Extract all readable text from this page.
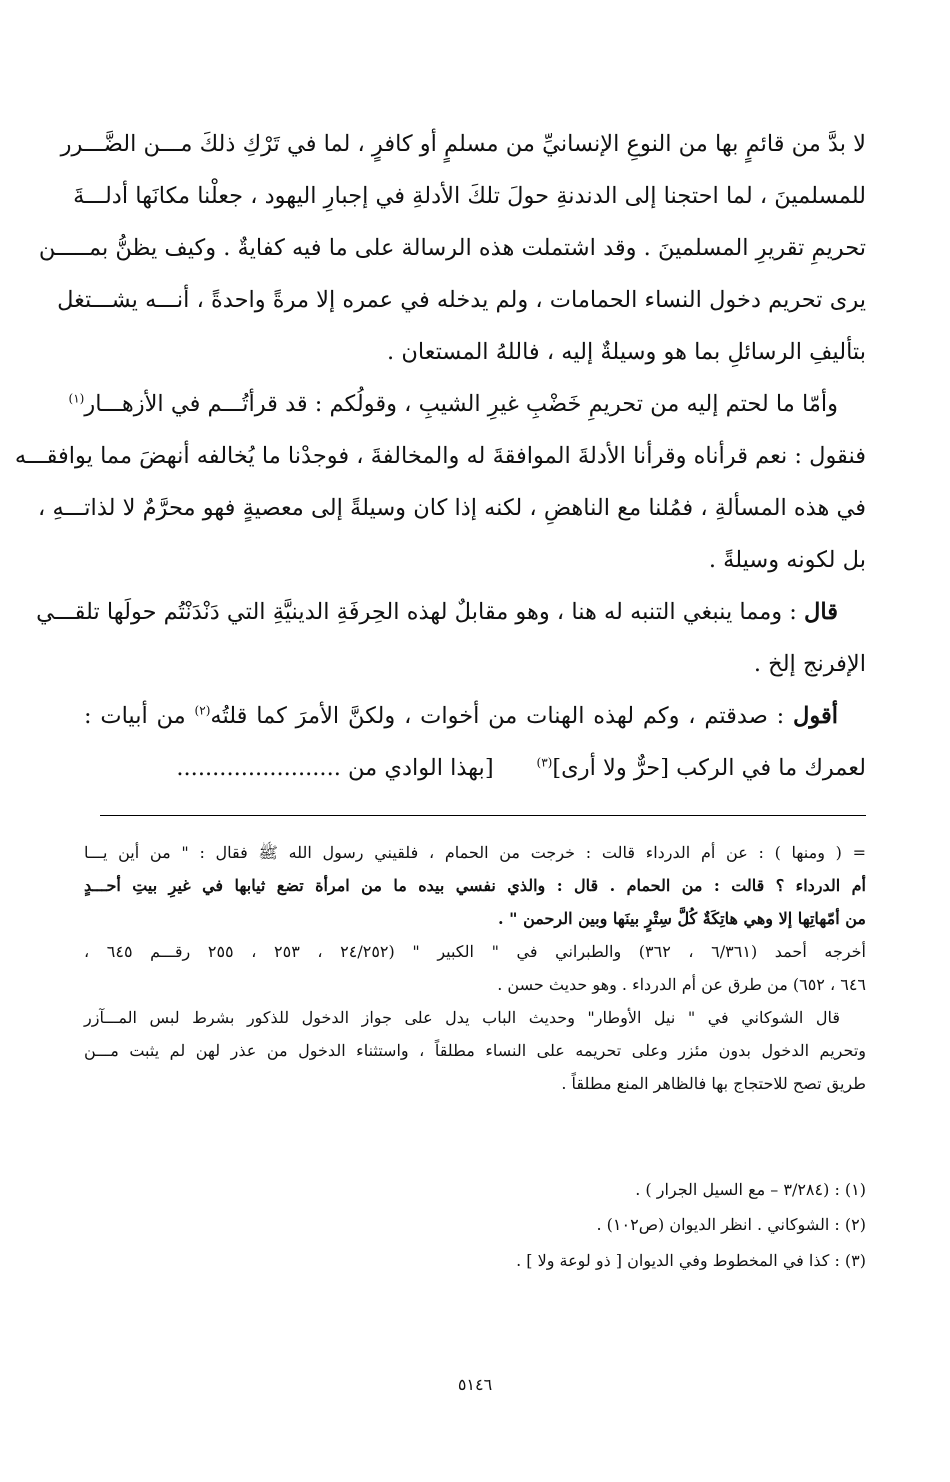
لا بدَّ من قائمٍ بها من النوعِ الإنسانيِّ من مسلمٍ أو كافرٍ ، لما في تَرْكِ ذلكَ مـــن الضَّـــرر
للمسلمينَ ، لما احتجنا إلى الدندنةِ حولَ تلكَ الأدلةِ في إجبارِ اليهود ، جعلْنا مكانَها أدلـــةَ
تحريمِ تقريرِ المسلمينَ . وقد اشتملت هذه الرسالة على ما فيه كفايةٌ . وكيف يظنُّ بمـــــن
يرى تحريم دخول النساء الحمامات ، ولم يدخله في عمره إلا مرةً واحدةً ، أنـــه يشـــتغل
بتأليفِ الرسائلِ بما هو وسيلةٌ إليه ، فاللهُ المستعان .
وأمّا ما لحتم إليه من تحريمِ خَضْبِ غيرِ الشيبِ ، وقولُكم : قد قرأتُـــم في الأزهـــار$^{(١)}$
فنقول : نعم قرأناه وقرأنا الأدلةَ الموافقةَ له والمخالفةَ ، فوجدْنا ما يُخالفه أنهضَ مما يوافقـــه
في هذه المسألةِ ، فمُلنا مع الناهضِ ، لكنه إذا كان وسيلةً إلى معصيةٍ فهو محرَّمٌ لا لذاتـــهِ ،
بل لكونه وسيلةً .
قال : ومما ينبغي التنبه له هنا ، وهو مقابلٌ لهذه الحِرفَةِ الدينيَّةِ التي دَنْدَنْتُم حولَها تلقـــي
الإفرنج إلخ .
أقول : صدقتم ، وكم لهذه الهنات من أخوات ، ولكنَّ الأمرَ كما قلتُه$^{(٢)}$ من أبيات :
لعمرك ما في الركب [حرٌّ ولا أرى]$^{(٣)}$      [بهذا الوادي من .......................
= ( ومنها ) : عن أم الدرداء قالت : خرجت من الحمام ، فلقيني رسول الله ﷺ فقال : " من أين يـــا
أم الدرداء ؟ قالت : من الحمام . قال : والذي نفسي بيده ما من امرأة تضع ثيابها في غيرِ بيتِ أحـــدٍ
من أمّهاتِها إلا وهي هاتِكَةٌ كُلَّ سِتْرٍ بينَها وبين الرحمن " .
أخرجه أحمد (٦/٣٦١ ، ٣٦٢) والطبراني في " الكبير " (٢٤/٢٥٢ ، ٢٥٣ ، ٢٥٥ رقـــم ٦٤٥ ،
٦٤٦ ، ٦٥٢) من طرق عن أم الدرداء . وهو حديث حسن .
قال الشوكاني في " نيل الأوطار" وحديث الباب يدل على جواز الدخول للذكور بشرط لبس المـــآزر
وتحريم الدخول بدون مئزر وعلى تحريمه على النساء مطلقاً ، واستثناء الدخول من عذر لهن لم يثبت مـــن
طريق تصح للاحتجاج بها فالظاهر المنع مطلقاً .
(١) : (٣/٢٨٤ – مع السيل الجرار ) .
(٢) : الشوكاني . انظر الديوان (ص١٠٢) .
(٣) : كذا في المخطوط وفي الديوان [ ذو لوعة ولا ] .
٥١٤٦
